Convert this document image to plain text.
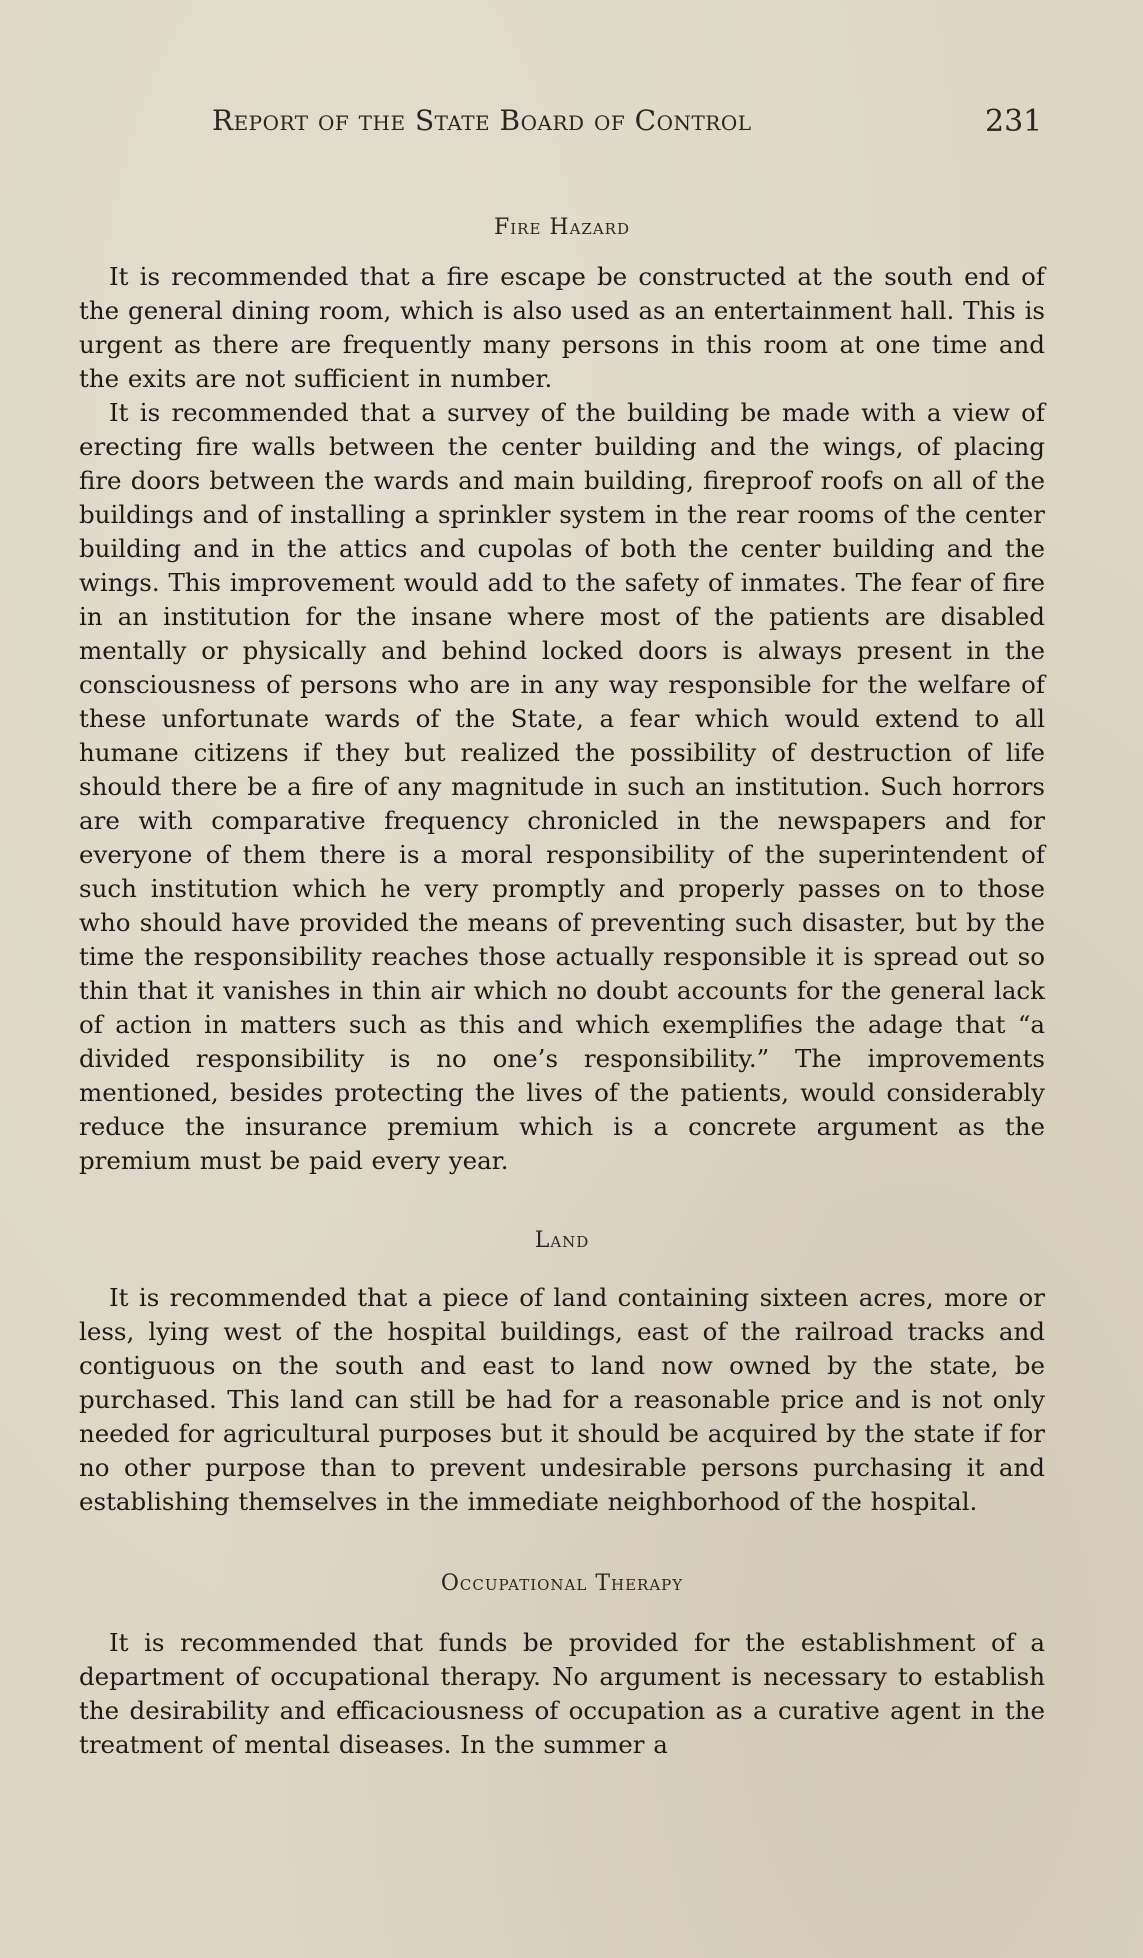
Report of the State Board of Control	231
Fire Hazard

It is recommended that a fire escape be constructed at the south end of the general dining room, which is also used as an entertainment hall. This is urgent as there are frequently many persons in this room at one time and the exits are not sufficient in number.

It is recommended that a survey of the building be made with a view of erecting fire walls between the center building and the wings, of placing fire doors between the wards and main building, fireproof roofs on all of the buildings and of installing a sprinkler system in the rear rooms of the center building and in the attics and cupolas of both the center building and the wings. This improvement would add to the safety of inmates. The fear of fire in an institution for the insane where most of the patients are disabled mentally or physically and behind locked doors is always present in the consciousness of persons who are in any way responsible for the welfare of these unfortunate wards of the State, a fear which would extend to all humane citizens if they but realized the possibility of destruction of life should there be a fire of any magnitude in such an institution. Such horrors are with comparative frequency chronicled in the newspapers and for everyone of them there is a moral responsibility of the superintendent of such institution which he very promptly and properly passes on to those who should have provided the means of preventing such disaster, but by the time the responsibility reaches those actually responsible it is spread out so thin that it vanishes in thin air which no doubt accounts for the general lack of action in matters such as this and which exemplifies the adage that “a divided responsibility is no one’s responsibility.” The improvements mentioned, besides protecting the lives of the patients, would considerably reduce the insurance premium which is a concrete argument as the premium must be paid every year.

Land

It is recommended that a piece of land containing sixteen acres, more or less, lying west of the hospital buildings, east of the railroad tracks and contiguous on the south and east to land now owned by the state, be purchased. This land can still be had for a reasonable price and is not only needed for agricultural purposes but it should be acquired by the state if for no other purpose than to prevent undesirable persons purchasing it and establishing themselves in the immediate neighborhood of the hospital.

Occupational Therapy

It is recommended that funds be provided for the establishment of a department of occupational therapy. No argument is necessary to establish the desirability and efficaciousness of occupation as a curative agent in the treatment of mental diseases. In the summer a
